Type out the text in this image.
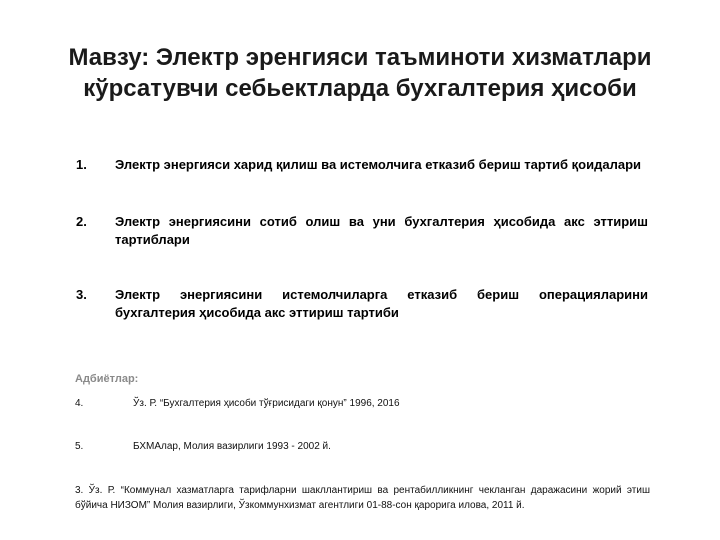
Мавзу: Электр эренгияси таъминоти хизматлари
кўрсатувчи себьектларда бухгалтерия ҳисоби
1. Электр энергияси харид қилиш ва истемолчига етказиб бериш тартиб қоидалари
2. Электр энергиясини сотиб олиш ва уни бухгалтерия ҳисобида акс эттириш тартиблари
3. Электр энергиясини истемолчиларга етказиб бериш операцияларини бухгалтерия ҳисобида акс эттириш тартиби
Адбиётлар:
4.	Ўз. Р. “Бухгалтерия ҳисоби тўғрисидаги қонун” 1996, 2016
5.	БХМАлар, Молия вазирлиги 1993 - 2002 й.
3. Ўз. Р. “Коммунал хазматларга тарифларни шакллантириш ва рентабилликнинг чекланган даражасини жорий этиш бўйича НИЗОМ” Молия вазирлиги, Ўзкоммунхизмат агентлиги 01-88-сон қарорига илова, 2011 й.
